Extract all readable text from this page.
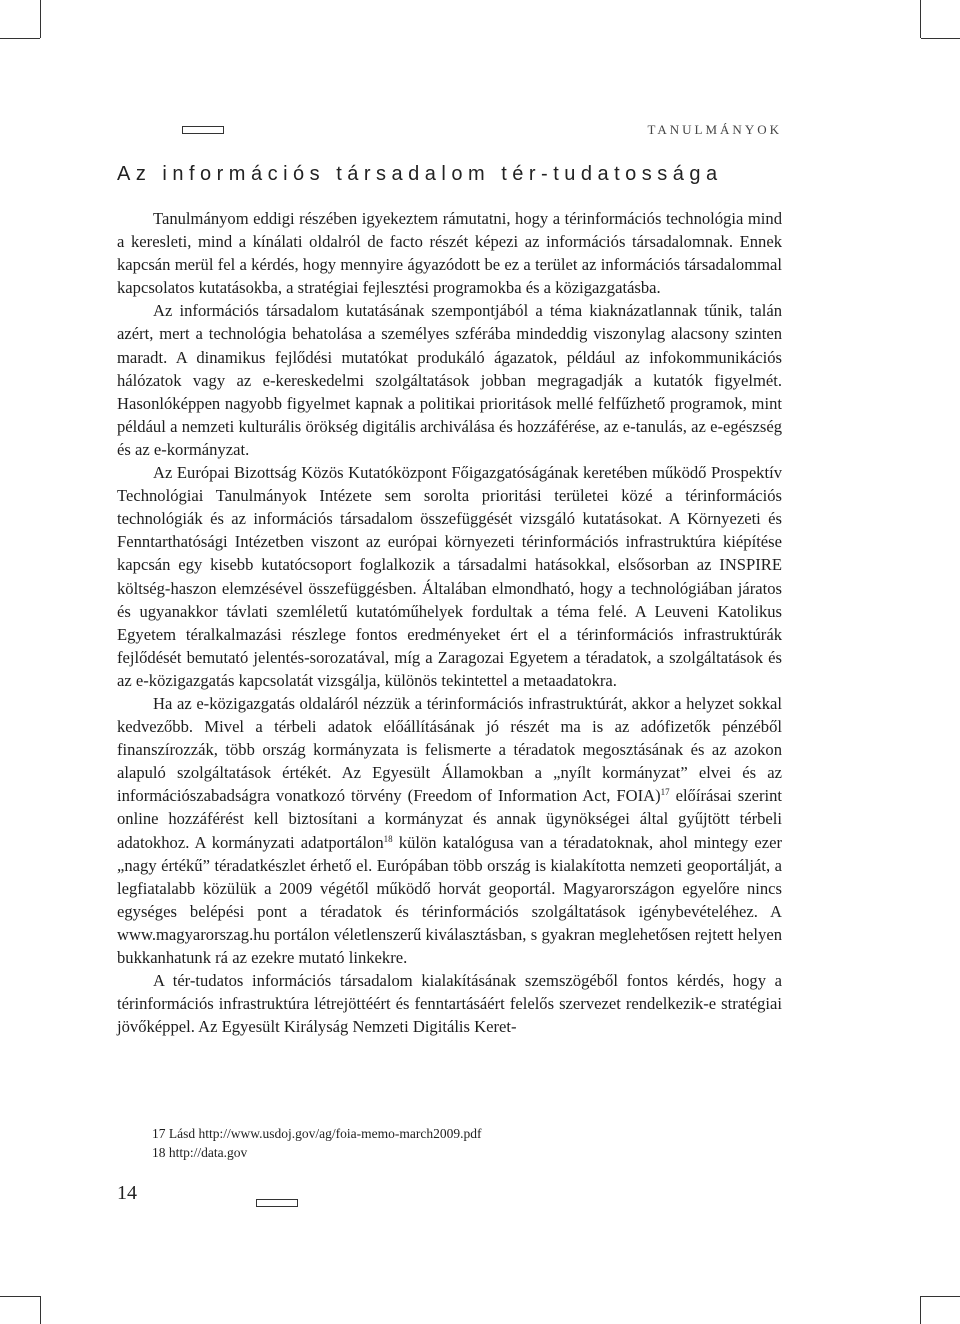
TANULMÁNYOK
Az információs társadalom tér-tudatossága

Tanulmányom eddigi részében igyekeztem rámutatni, hogy a térinformációs technológia mind a keresleti, mind a kínálati oldalról de facto részét képezi az információs társadalomnak. Ennek kapcsán merül fel a kérdés, hogy mennyire ágyazódott be ez a terület az információs társadalommal kapcsolatos kutatásokba, a stratégiai fejlesztési programokba és a közigazgatásba.

Az információs társadalom kutatásának szempontjából a téma kiaknázatlannak tűnik, talán azért, mert a technológia behatolása a személyes szférába mindeddig viszonylag alacsony szinten maradt. A dinamikus fejlődési mutatókat produkáló ágazatok, például az infokommunikációs hálózatok vagy az e-kereskedelmi szolgáltatások jobban megragadják a kutatók figyelmét. Hasonlóképpen nagyobb figyelmet kapnak a politikai prioritások mellé felfűzhető programok, mint például a nemzeti kulturális örökség digitális archiválása és hozzáférése, az e-tanulás, az e-egészség és az e-kormányzat.

Az Európai Bizottság Közös Kutatóközpont Főigazgatóságának keretében működő Prospektív Technológiai Tanulmányok Intézete sem sorolta prioritási területei közé a térinformációs technológiák és az információs társadalom összefüggését vizsgáló kutatásokat. A Környezeti és Fenntarthatósági Intézetben viszont az európai környezeti térinformációs infrastruktúra kiépítése kapcsán egy kisebb kutatócsoport foglalkozik a társadalmi hatásokkal, elsősorban az INSPIRE költség-haszon elemzésével összefüggésben. Általában elmondható, hogy a technológiában járatos és ugyanakkor távlati szemléletű kutatóműhelyek fordultak a téma felé. A Leuveni Katolikus Egyetem téralkalmazási részlege fontos eredményeket ért el a térinformációs infrastruktúrák fejlődését bemutató jelentés-sorozatával, míg a Zaragozai Egyetem a téradatok, a szolgáltatások és az e-közigazgatás kapcsolatát vizsgálja, különös tekintettel a metaadatokra.

Ha az e-közigazgatás oldaláról nézzük a térinformációs infrastruktúrát, akkor a helyzet sokkal kedvezőbb. Mivel a térbeli adatok előállításának jó részét ma is az adófizetők pénzéből finanszírozzák, több ország kormányzata is felismerte a téradatok megosztásának és az azokon alapuló szolgáltatások értékét. Az Egyesült Államokban a „nyílt kormányzat” elvei és az információszabadságra vonatkozó törvény (Freedom of Information Act, FOIA)$^{17}$ előírásai szerint online hozzáférést kell biztosítani a kormányzat és annak ügynökségei által gyűjtött térbeli adatokhoz. A kormányzati adatportálon$^{18}$ külön katalógusa van a téradatoknak, ahol mintegy ezer „nagy értékű” téradatkészlet érhető el. Európában több ország is kialakította nemzeti geoportálját, a legfiatalabb közülük a 2009 végétől működő horvát geoportál. Magyarországon egyelőre nincs egységes belépési pont a téradatok és térinformációs szolgáltatások igénybevételéhez. A www.magyarorszag.hu portálon véletlenszerű kiválasztásban, s gyakran meglehetősen rejtett helyen bukkanhatunk rá az ezekre mutató linkekre.

A tér-tudatos információs társadalom kialakításának szemszögéből fontos kérdés, hogy a térinformációs infrastruktúra létrejöttéért és fenntartásáért felelős szervezet rendelkezik-e stratégiai jövőképpel. Az Egyesült Királyság Nemzeti Digitális Keret-

17 Lásd http://www.usdoj.gov/ag/foia-memo-march2009.pdf

18 http://data.gov

14
